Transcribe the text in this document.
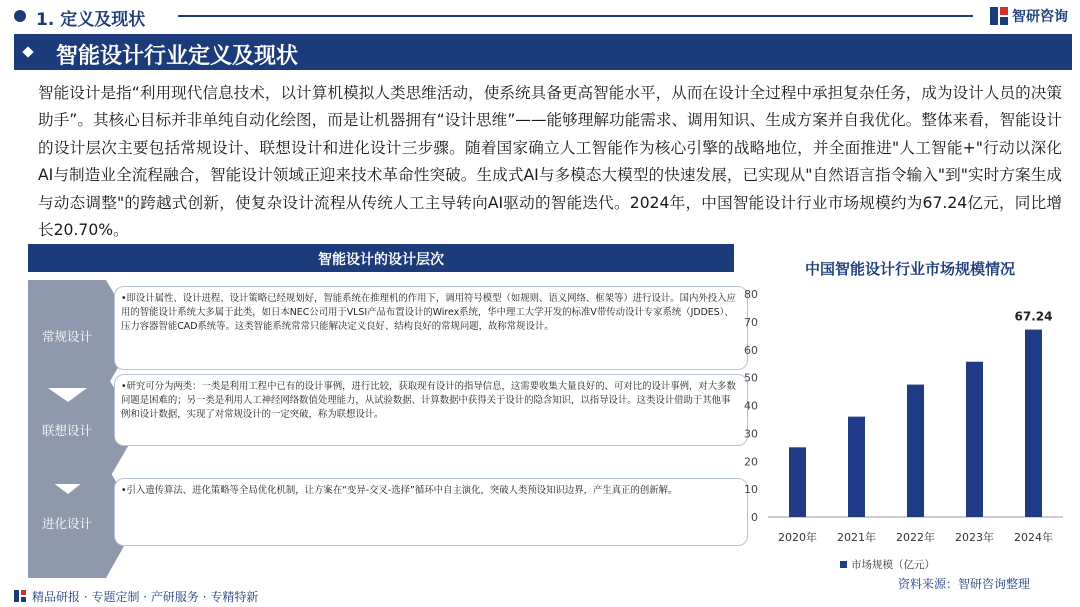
1. 定义及现状	智研咨询
智能设计行业定义及现状
智能设计是指“利用现代信息技术，以计算机模拟人类思维活动，使系统具备更高智能水平，从而在设计全过程中承担复杂任务，成为设计人员的决策助手”。其核心目标并非单纯自动化绘图，而是让机器拥有“设计思维”——能够理解功能需求、调用知识、生成方案并自我优化。整体来看，智能设计的设计层次主要包括常规设计、联想设计和进化设计三步骤。随着国家确立人工智能作为核心引擎的战略地位，并全面推进"人工智能+"行动以深化AI与制造业全流程融合，智能设计领域正迎来技术革命性突破。生成式AI与多模态大模型的快速发展，已实现从"自然语言指令输入"到"实时方案生成与动态调整"的跨越式创新，使复杂设计流程从传统人工主导转向AI驱动的智能迭代。2024年，中国智能设计行业市场规模约为67.24亿元，同比增长20.70%。
智能设计的设计层次
常规设计
•即设计属性、设计进程、设计策略已经规划好，智能系统在推理机的作用下，调用符号模型（如规则、语义网络、框架等）进行设计。国内外投入应用的智能设计系统大多属于此类，如日本NEC公司用于VLSI产品布置设计的Wirex系统，华中理工大学开发的标准V带传动设计专家系统（JDDES）、压力容器智能CAD系统等。这类智能系统常常只能解决定义良好、结构良好的常规问题，故称常规设计。
联想设计
•研究可分为两类：一类是利用工程中已有的设计事例，进行比较，获取现有设计的指导信息，这需要收集大量良好的、可对比的设计事例，对大多数问题是困难的；另一类是利用人工神经网络数值处理能力，从试验数据、计算数据中获得关于设计的隐含知识，以指导设计。这类设计借助于其他事例和设计数据，实现了对常规设计的一定突破，称为联想设计。
进化设计
•引入遗传算法、进化策略等全局优化机制，让方案在“变异-交叉-选择”循环中自主演化，突破人类预设知识边界，产生真正的创新解。
中国智能设计行业市场规模情况
0
10
20
30
40
50
60
70
80
2020年 2021年 2022年 2023年 2024年
67.24
市场规模（亿元）
资料来源：智研咨询整理
精品研报 · 专题定制 · 产研服务 · 专精特新
